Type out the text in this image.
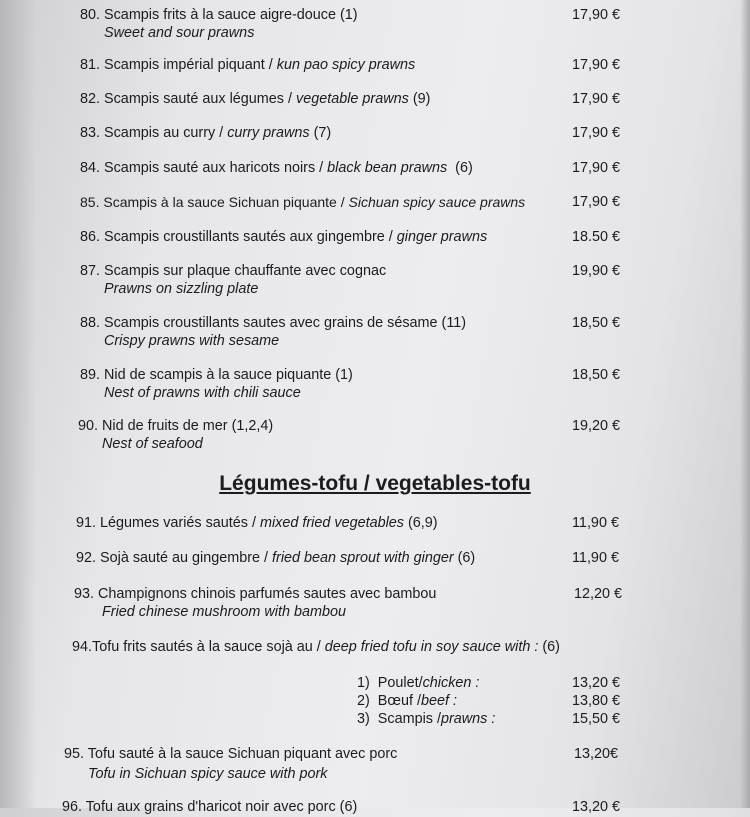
80. Scampis frits à la sauce aigre-douce (1)
Sweet and sour prawns
17,90 €
81. Scampis impérial piquant / kun pao spicy prawns	17,90 €
82. Scampis sauté aux légumes / vegetable prawns (9)	17,90 €
83. Scampis au curry / curry prawns (7)	17,90 €
84. Scampis sauté aux haricots noirs / black bean prawns (6)	17,90 €
85. Scampis à la sauce Sichuan piquante / Sichuan spicy sauce prawns	17,90 €
86. Scampis croustillants sautés aux gingembre / ginger prawns	18.50 €
87. Scampis sur plaque chauffante avec cognac
Prawns on sizzling plate
19,90 €
88. Scampis croustillants sautes avec grains de sésame (11)
Crispy prawns with sesame
18,50 €
89. Nid de scampis à la sauce piquante (1)
Nest of prawns with chili sauce
18,50 €
90. Nid de fruits de mer (1,2,4)
Nest of seafood
19,20 €
Légumes-tofu / vegetables-tofu
91. Légumes variés sautés / mixed fried vegetables (6,9)	11,90 €
92. Sojà sauté au gingembre / fried bean sprout with ginger (6)	11,90 €
93. Champignons chinois parfumés sautes avec bambou
Fried chinese mushroom with bambou
12,20 €
94.Tofu frits sautés à la sauce sojà au / deep fried tofu in soy sauce with : (6)
1) Poulet/chicken :	13,20 €
2) Bœuf /beef :	13,80 €
3) Scampis /prawns :	15,50 €
95. Tofu sauté à la sauce Sichuan piquant avec porc
Tofu in Sichuan spicy sauce with pork
13,20€
96. Tofu aux grains d'haricot noir avec porc (6)	13,20 €
